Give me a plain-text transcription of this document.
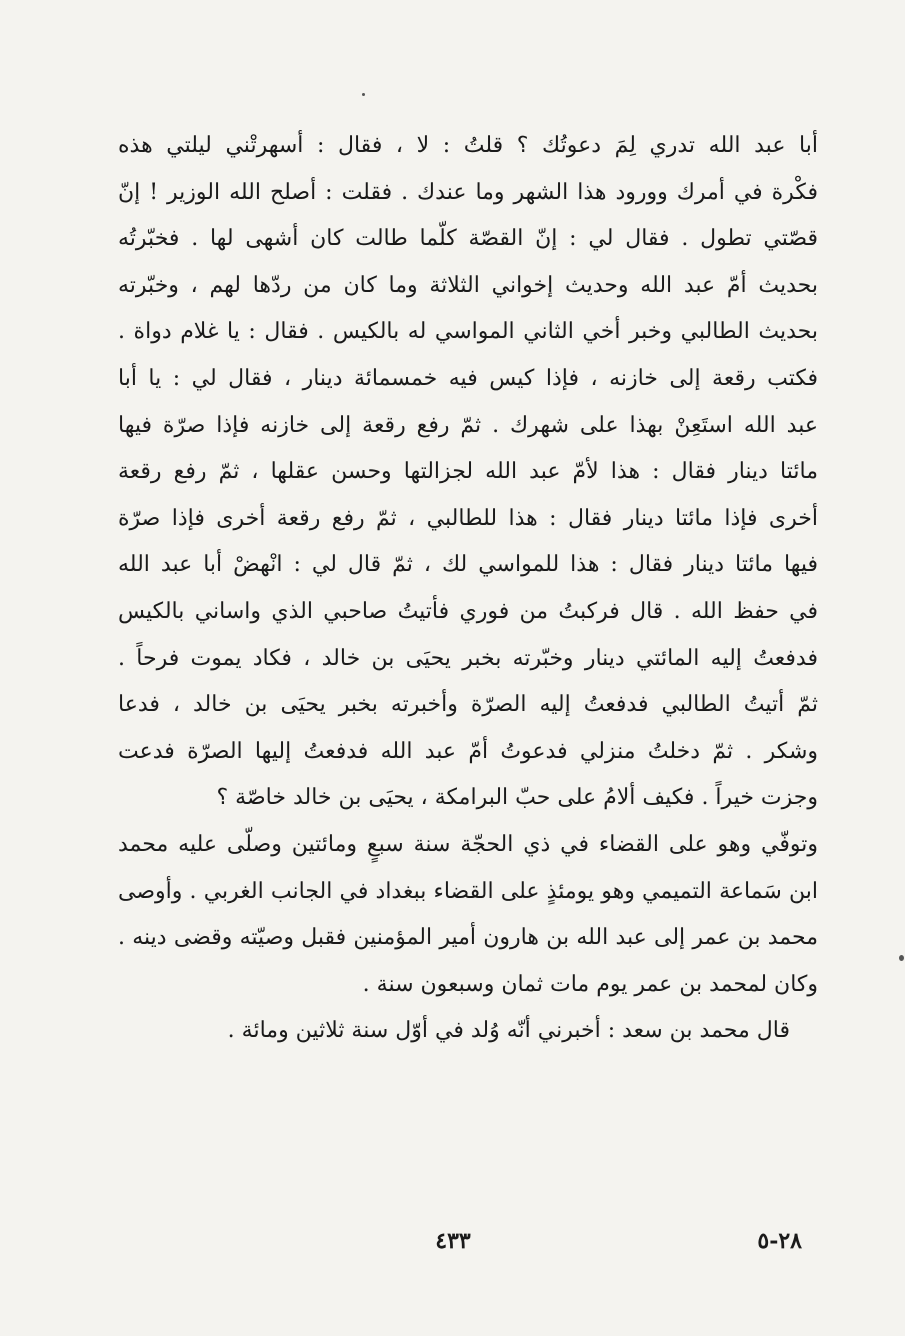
أبا عبد الله تدري لِمَ دعوتُك ؟ قلتُ : لا ، فقال : أسهرتْني ليلتي هذه
فكْرة في أمرك وورود هذا الشهر وما عندك . فقلت : أصلح الله الوزير ! إنّ
قصّتي تطول . فقال لي : إنّ القصّة كلّما طالت كان أشهى لها . فخبّرتُه
بحديث أمّ عبد الله وحديث إخواني الثلاثة وما كان من ردّها لهم ، وخبّرته
بحديث الطالبي وخبر أخي الثاني المواسي له بالكيس . فقال : يا غلام دواة .
فكتب رقعة إلى خازنه ، فإذا كيس فيه خمسمائة دينار ، فقال لي : يا أبا
عبد الله استَعِنْ بهذا على شهرك . ثمّ رفع رقعة إلى خازنه فإذا صرّة فيها
مائتا دينار فقال : هذا لأمّ عبد الله لجزالتها وحسن عقلها ، ثمّ رفع رقعة
أخرى فإذا مائتا دينار فقال : هذا للطالبي ، ثمّ رفع رقعة أخرى فإذا صرّة
فيها مائتا دينار فقال : هذا للمواسي لك ، ثمّ قال لي : انْهضْ أبا عبد الله
في حفظ الله . قال فركبتُ من فوري فأتيتُ صاحبي الذي واساني بالكيس
فدفعتُ إليه المائتي دينار وخبّرته بخبر يحيَى بن خالد ، فكاد يموت فرحاً .
ثمّ أتيتُ الطالبي فدفعتُ إليه الصرّة وأخبرته بخبر يحيَى بن خالد ، فدعا
وشكر . ثمّ دخلتُ منزلي فدعوتُ أمّ عبد الله فدفعتُ إليها الصرّة فدعت
وجزت خيراً . فكيف ألامُ على حبّ البرامكة ، يحيَى بن خالد خاصّة ؟
وتوفّي وهو على القضاء في ذي الحجّة سنة سبعٍ ومائتين وصلّى عليه محمد
ابن سَماعة التميمي وهو يومئذٍ على القضاء ببغداد في الجانب الغربي . وأوصى
محمد بن عمر إلى عبد الله بن هارون أمير المؤمنين فقبل وصيّته وقضى دينه .
وكان لمحمد بن عمر يوم مات ثمان وسبعون سنة .
قال محمد بن سعد : أخبرني أنّه وُلد في أوّل سنة ثلاثين ومائة .
٤٣٣	٢٨-٥
